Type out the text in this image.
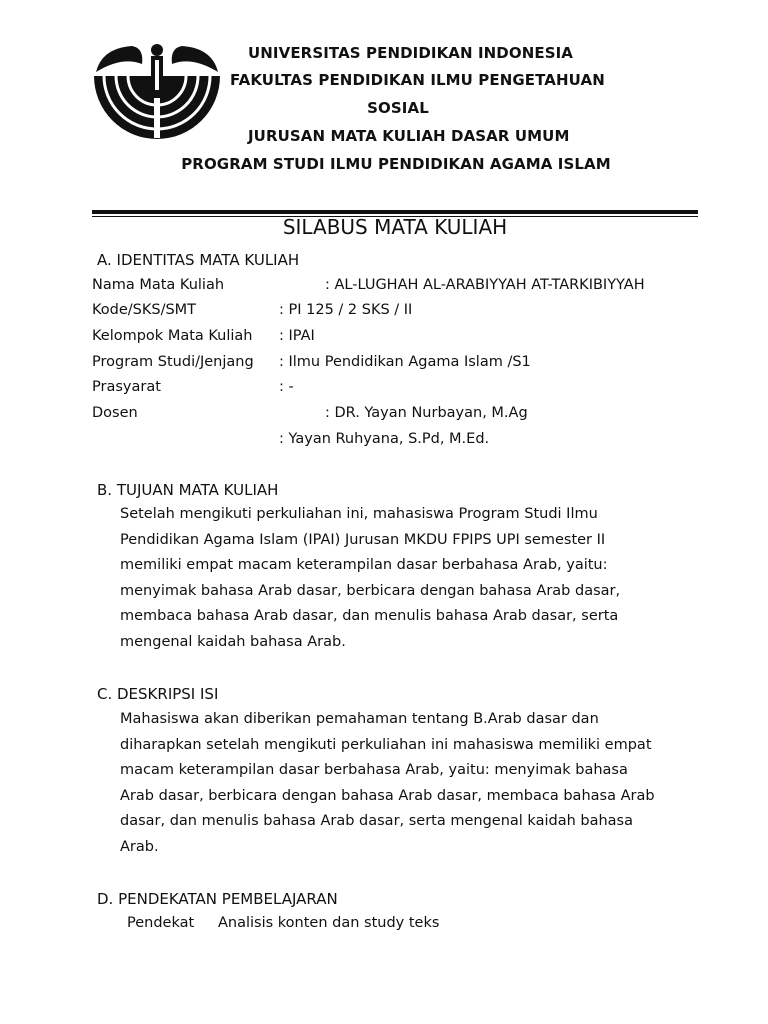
UNIVERSITAS PENDIDIKAN INDONESIA
FAKULTAS PENDIDIKAN ILMU PENGETAHUAN
SOSIAL
JURUSAN MATA KULIAH DASAR UMUM
PROGRAM STUDI ILMU PENDIDIKAN AGAMA ISLAM
SILABUS MATA KULIAH
A. IDENTITAS MATA KULIAH
Nama Mata Kuliah	: AL-LUGHAH AL-ARABIYYAH AT-TARKIBIYYAH
Kode/SKS/SMT	: PI 125 / 2 SKS / II
Kelompok Mata Kuliah : IPAI
Program Studi/Jenjang : Ilmu Pendidikan Agama Islam /S1
Prasyarat	: -
Dosen	: DR. Yayan Nurbayan, M.Ag
: Yayan Ruhyana, S.Pd, M.Ed.
B. TUJUAN MATA KULIAH
Setelah mengikuti perkuliahan ini, mahasiswa Program Studi Ilmu
Pendidikan Agama Islam (IPAI) Jurusan MKDU FPIPS UPI semester II
memiliki empat macam keterampilan dasar berbahasa Arab, yaitu:
menyimak bahasa Arab dasar, berbicara dengan bahasa Arab dasar,
membaca bahasa Arab dasar, dan menulis bahasa Arab dasar, serta
mengenal kaidah bahasa Arab.
C. DESKRIPSI ISI
Mahasiswa akan diberikan pemahaman tentang B.Arab dasar dan
diharapkan setelah mengikuti perkuliahan ini mahasiswa memiliki empat
macam keterampilan dasar berbahasa Arab, yaitu: menyimak bahasa
Arab dasar, berbicara dengan bahasa Arab dasar, membaca bahasa Arab
dasar, dan menulis bahasa Arab dasar, serta mengenal kaidah bahasa
Arab.
D. PENDEKATAN PEMBELAJARAN
Pendekat Analisis konten dan study teks
